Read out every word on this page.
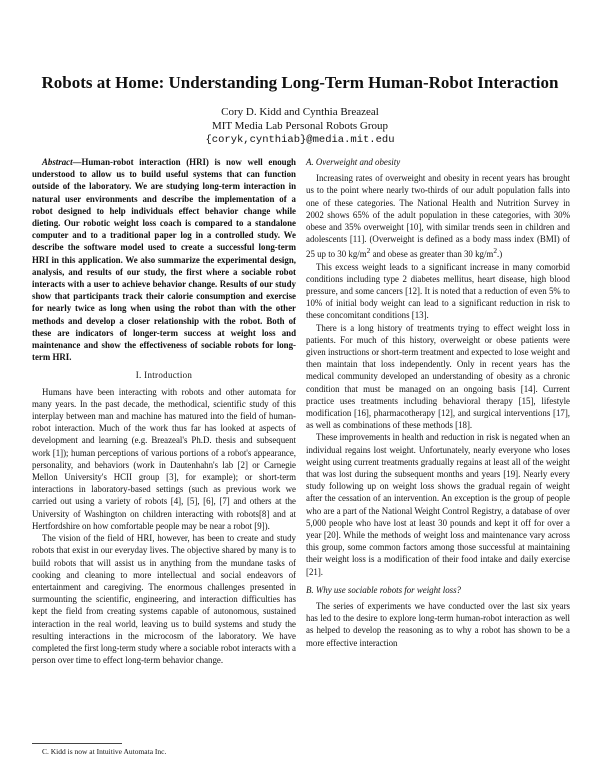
Robots at Home: Understanding Long-Term Human-Robot Interaction
Cory D. Kidd and Cynthia Breazeal
MIT Media Lab Personal Robots Group
{coryk,cynthiab}@media.mit.edu

Abstract—Human-robot interaction (HRI) is now well enough understood to allow us to build useful systems that can function outside of the laboratory. We are studying long-term interaction in natural user environments and describe the implementation of a robot designed to help individuals effect behavior change while dieting. Our robotic weight loss coach is compared to a standalone computer and to a traditional paper log in a controlled study. We describe the software model used to create a successful long-term HRI in this application. We also summarize the experimental design, analysis, and results of our study, the first where a sociable robot interacts with a user to achieve behavior change. Results of our study show that participants track their calorie consumption and exercise for nearly twice as long when using the robot than with the other methods and develop a closer relationship with the robot. Both of these are indicators of longer-term success at weight loss and maintenance and show the effectiveness of sociable robots for long-term HRI.

I. Introduction

Humans have been interacting with robots and other automata for many years. In the past decade, the methodical, scientific study of this interplay between man and machine has matured into the field of human-robot interaction. Much of the work thus far has looked at aspects of development and learning (e.g. Breazeal's Ph.D. thesis and subsequent work [1]); human perceptions of various portions of a robot's appearance, personality, and behaviors (work in Dautenhahn's lab [2] or Carnegie Mellon University's HCII group [3], for example); or short-term interactions in laboratory-based settings (such as previous work we carried out using a variety of robots [4], [5], [6], [7] and others at the University of Washington on children interacting with robots[8] and at Hertfordshire on how comfortable people may be near a robot [9]).

The vision of the field of HRI, however, has been to create and study robots that exist in our everyday lives. The objective shared by many is to build robots that will assist us in anything from the mundane tasks of cooking and cleaning to more intellectual and social endeavors of entertainment and caregiving. The enormous challenges presented in surmounting the scientific, engineering, and interaction difficulties has kept the field from creating systems capable of autonomous, sustained interaction in the real world, leaving us to build systems and study the resulting interactions in the microcosm of the laboratory. We have completed the first long-term study where a sociable robot interacts with a person over time to effect long-term behavior change.

A. Overweight and obesity

Increasing rates of overweight and obesity in recent years has brought us to the point where nearly two-thirds of our adult population falls into one of these categories. The National Health and Nutrition Survey in 2002 shows 65% of the adult population in these categories, with 30% obese and 35% overweight [10], with similar trends seen in children and adolescents [11]. (Overweight is defined as a body mass index (BMI) of 25 up to 30 $kg/m^2$ and obese as greater than 30 $kg/m^2$.)

This excess weight leads to a significant increase in many comorbid conditions including type 2 diabetes mellitus, heart disease, high blood pressure, and some cancers [12]. It is noted that a reduction of even 5% to 10% of initial body weight can lead to a significant reduction in risk to these concomitant conditions [13].

There is a long history of treatments trying to effect weight loss in patients. For much of this history, overweight or obese patients were given instructions or short-term treatment and expected to lose weight and then maintain that loss independently. Only in recent years has the medical community developed an understanding of obesity as a chronic condition that must be managed on an ongoing basis [14]. Current practice uses treatments including behavioral therapy [15], lifestyle modification [16], pharmacotherapy [12], and surgical interventions [17], as well as combinations of these methods [18].

These improvements in health and reduction in risk is negated when an individual regains lost weight. Unfortunately, nearly everyone who loses weight using current treatments gradually regains at least all of the weight that was lost during the subsequent months and years [19]. Nearly every study following up on weight loss shows the gradual regain of weight after the cessation of an intervention. An exception is the group of people who are a part of the National Weight Control Registry, a database of over 5,000 people who have lost at least 30 pounds and kept it off for over a year [20]. While the methods of weight loss and maintenance vary across this group, some common factors among those successful at maintaining their weight loss is a modification of their food intake and daily exercise [21].

B. Why use sociable robots for weight loss?

The series of experiments we have conducted over the last six years has led to the desire to explore long-term human-robot interaction as well as helped to develop the reasoning as to why a robot has shown to be a more effective interaction

C. Kidd is now at Intuitive Automata Inc.
